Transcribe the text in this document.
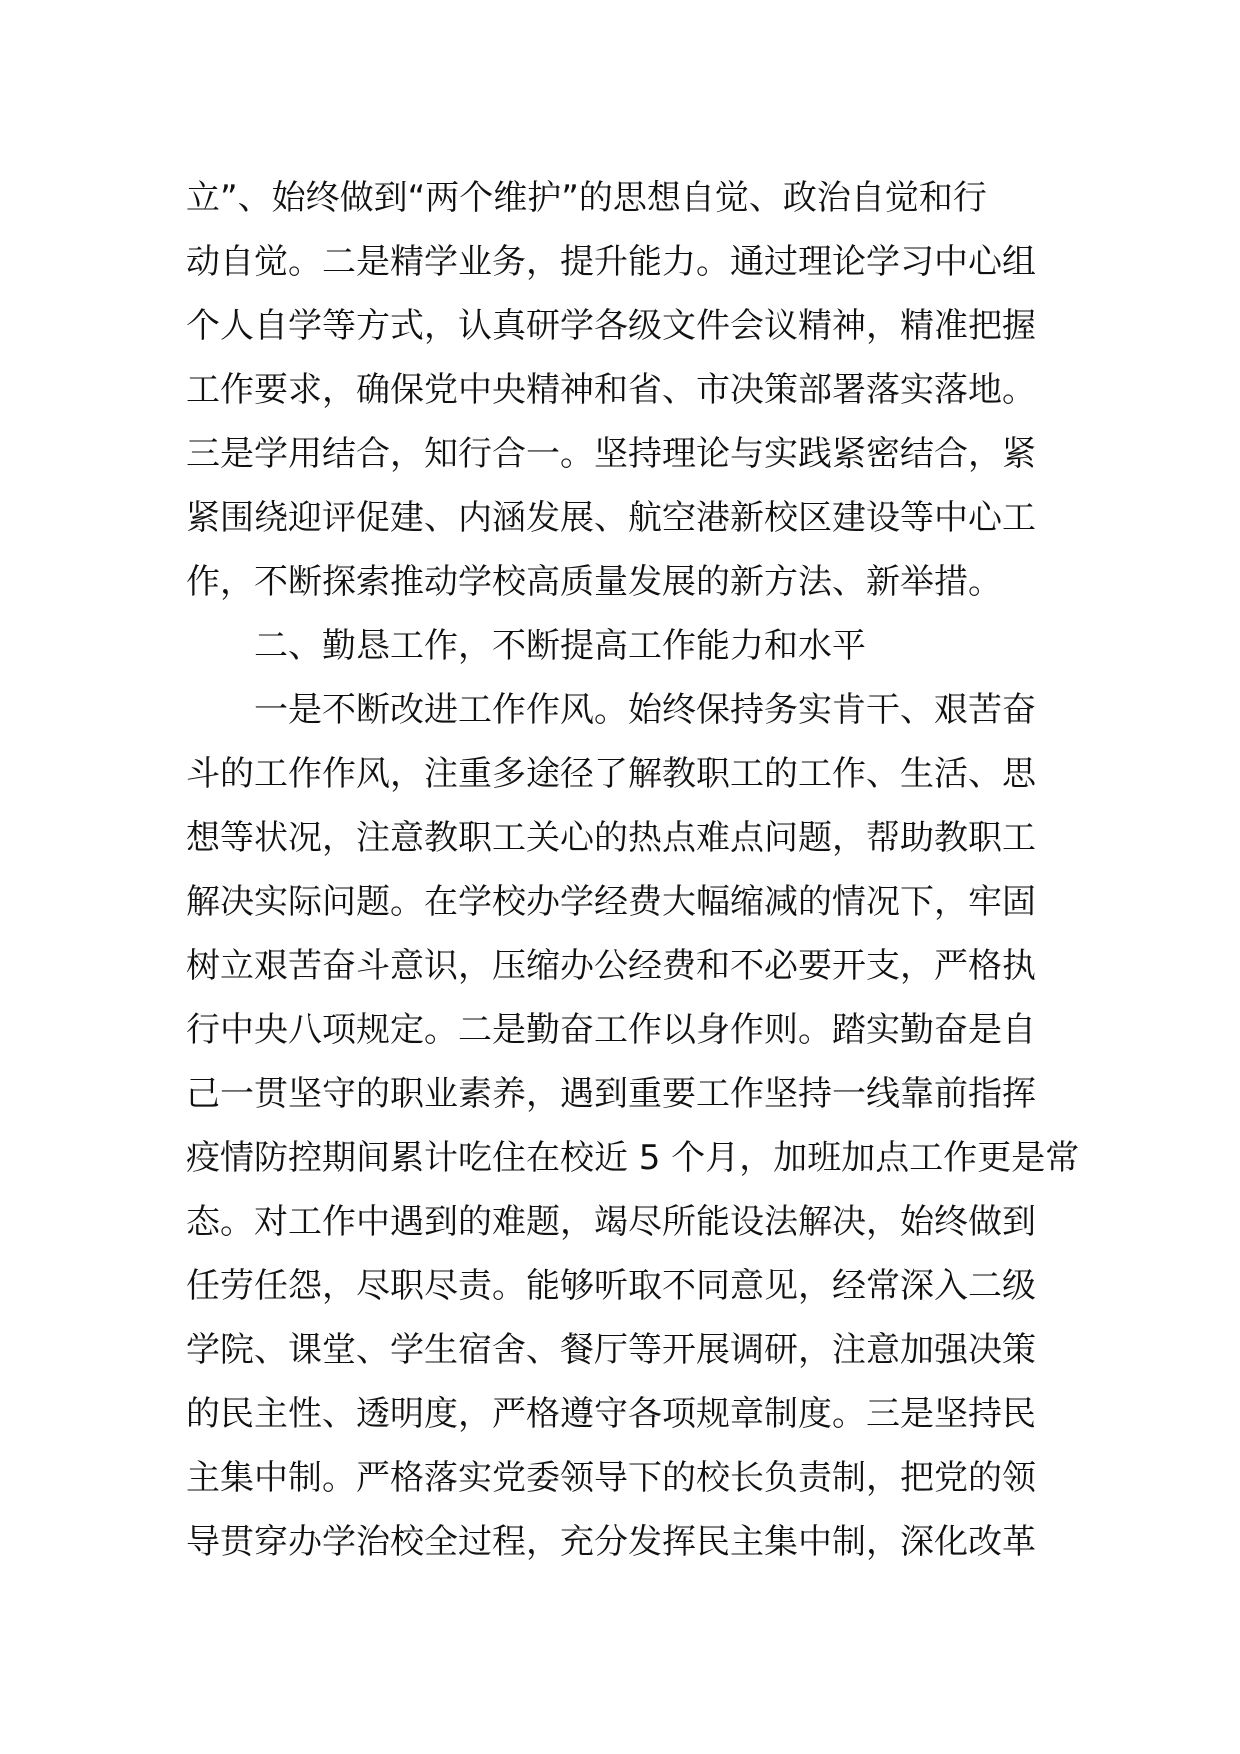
立”、始终做到“两个维护”的思想自觉、政治自觉和行
动自觉。二是精学业务，提升能力。通过理论学习中心组
个人自学等方式，认真研学各级文件会议精神，精准把握
工作要求，确保党中央精神和省、市决策部署落实落地。
三是学用结合，知行合一。坚持理论与实践紧密结合，紧
紧围绕迎评促建、内涵发展、航空港新校区建设等中心工
作，不断探索推动学校高质量发展的新方法、新举措。
二、勤恳工作，不断提高工作能力和水平
一是不断改进工作作风。始终保持务实肯干、艰苦奋
斗的工作作风，注重多途径了解教职工的工作、生活、思
想等状况，注意教职工关心的热点难点问题，帮助教职工
解决实际问题。在学校办学经费大幅缩减的情况下，牢固
树立艰苦奋斗意识，压缩办公经费和不必要开支，严格执
行中央八项规定。二是勤奋工作以身作则。踏实勤奋是自
己一贯坚守的职业素养，遇到重要工作坚持一线靠前指挥
疫情防控期间累计吃住在校近 5 个月，加班加点工作更是常
态。对工作中遇到的难题，竭尽所能设法解决，始终做到
任劳任怨，尽职尽责。能够听取不同意见，经常深入二级
学院、课堂、学生宿舍、餐厅等开展调研，注意加强决策
的民主性、透明度，严格遵守各项规章制度。三是坚持民
主集中制。严格落实党委领导下的校长负责制，把党的领
导贯穿办学治校全过程，充分发挥民主集中制，深化改革
